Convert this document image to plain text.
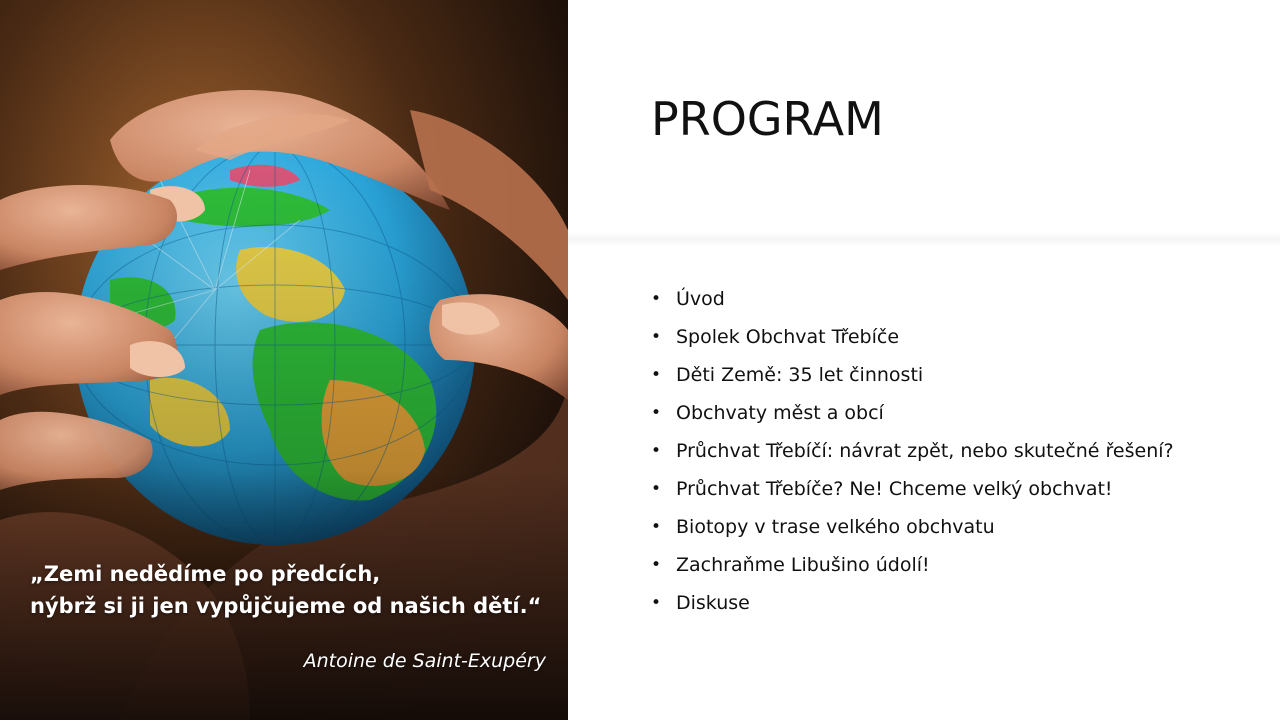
„Zemi nedědíme po předcích,
nýbrž si ji jen vypůjčujeme od našich dětí.“
Antoine de Saint-Exupéry
PROGRAM
• Úvod
• Spolek Obchvat Třebíče
• Děti Země: 35 let činnosti
• Obchvaty měst a obcí
• Průchvat Třebíčí: návrat zpět, nebo skutečné řešení?
• Průchvat Třebíče? Ne! Chceme velký obchvat!
• Biotopy v trase velkého obchvatu
• Zachraňme Libušino údolí!
• Diskuse
